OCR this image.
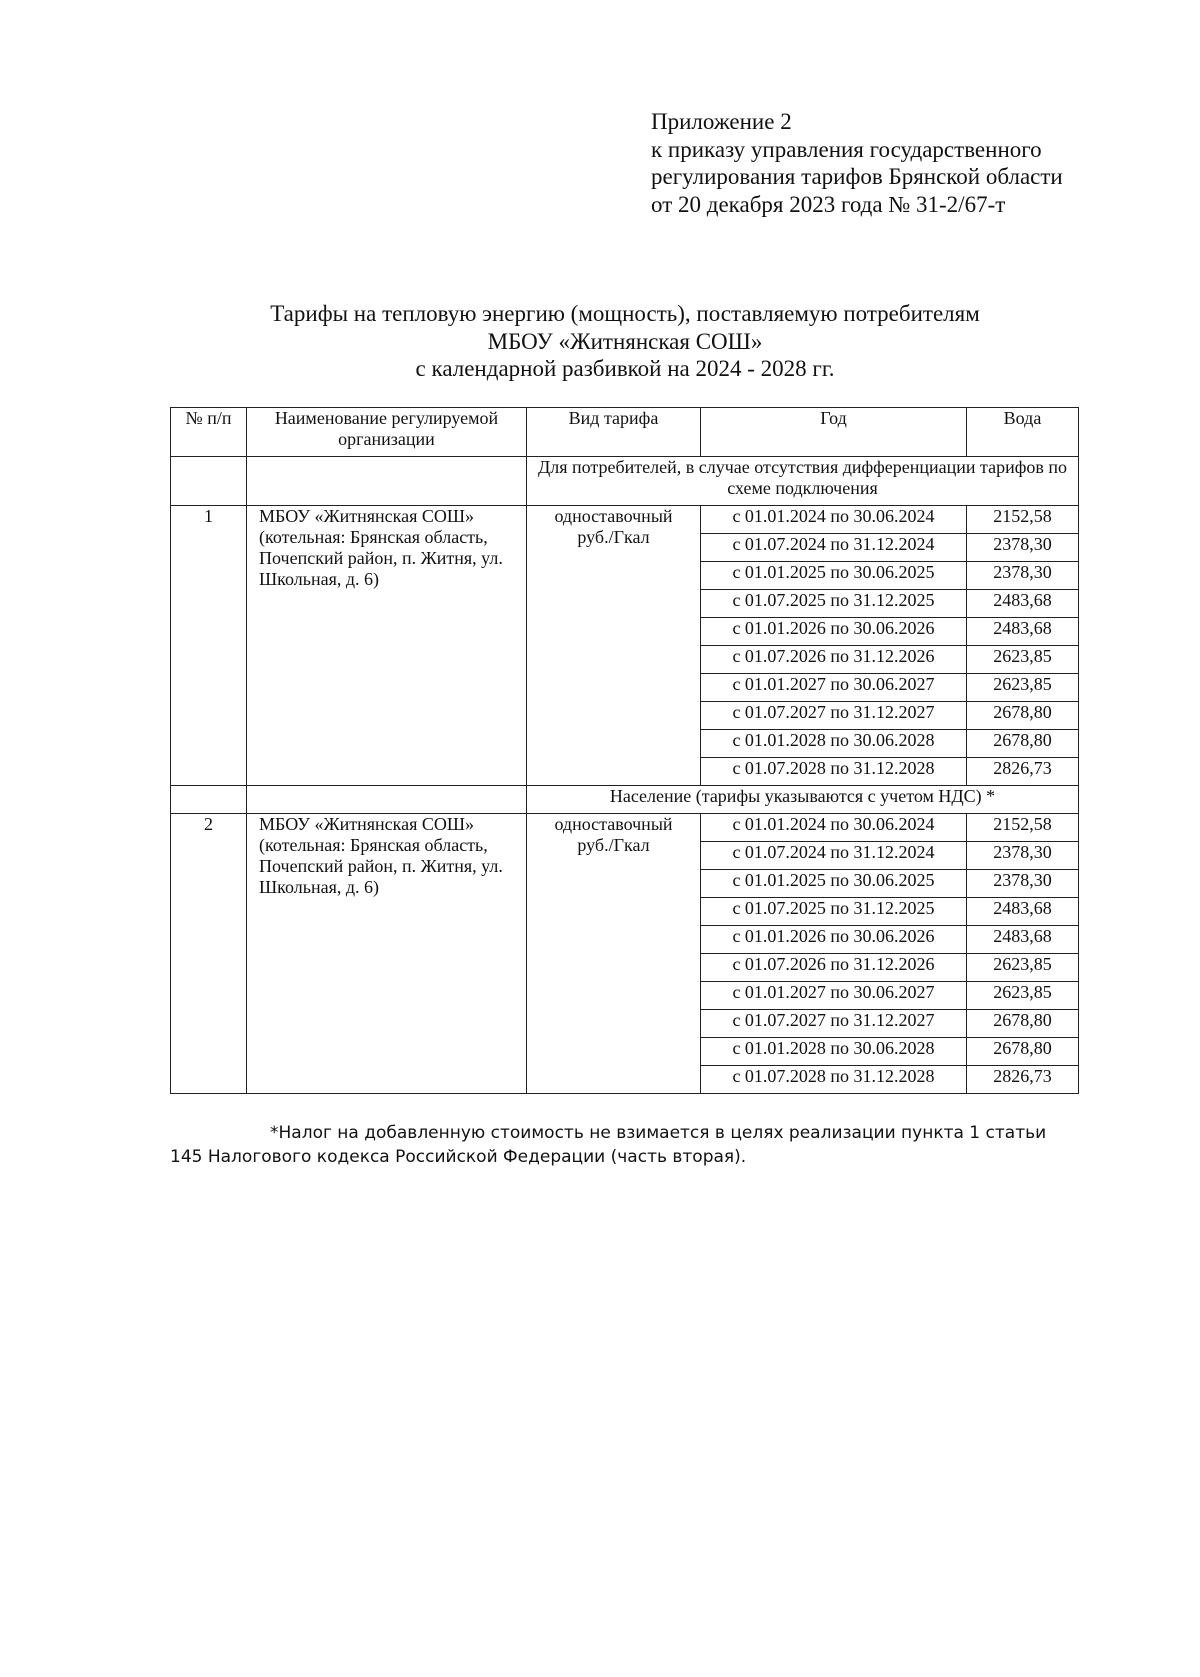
Приложение 2
к приказу управления государственного
регулирования тарифов Брянской области
от 20 декабря 2023 года № 31-2/67-т
Тарифы на тепловую энергию (мощность), поставляемую потребителям
МБОУ «Житнянская СОШ»
с календарной разбивкой на 2024 - 2028 гг.
№ п/п	Наименование регулируемой организации	Вид тарифа	Год	Вода
		Для потребителей, в случае отсутствия дифференциации тарифов по схеме подключения		
1	МБОУ «Житнянская СОШ» (котельная: Брянская область, Почепский район, п. Житня, ул. Школьная, д. 6)	одноставочный руб./Гкал	с 01.01.2024 по 30.06.2024	2152,58
			с 01.07.2024 по 31.12.2024	2378,30
			с 01.01.2025 по 30.06.2025	2378,30
			с 01.07.2025 по 31.12.2025	2483,68
			с 01.01.2026 по 30.06.2026	2483,68
			с 01.07.2026 по 31.12.2026	2623,85
			с 01.01.2027 по 30.06.2027	2623,85
			с 01.07.2027 по 31.12.2027	2678,80
			с 01.01.2028 по 30.06.2028	2678,80
			с 01.07.2028 по 31.12.2028	2826,73
		Население (тарифы указываются с учетом НДС) *		
2	МБОУ «Житнянская СОШ» (котельная: Брянская область, Почепский район, п. Житня, ул. Школьная, д. 6)	одноставочный руб./Гкал	с 01.01.2024 по 30.06.2024	2152,58
			с 01.07.2024 по 31.12.2024	2378,30
			с 01.01.2025 по 30.06.2025	2378,30
			с 01.07.2025 по 31.12.2025	2483,68
			с 01.01.2026 по 30.06.2026	2483,68
			с 01.07.2026 по 31.12.2026	2623,85
			с 01.01.2027 по 30.06.2027	2623,85
			с 01.07.2027 по 31.12.2027	2678,80
			с 01.01.2028 по 30.06.2028	2678,80
			с 01.07.2028 по 31.12.2028	2826,73
*Налог на добавленную стоимость не взимается в целях реализации пункта 1 статьи 145 Налогового кодекса Российской Федерации (часть вторая).
